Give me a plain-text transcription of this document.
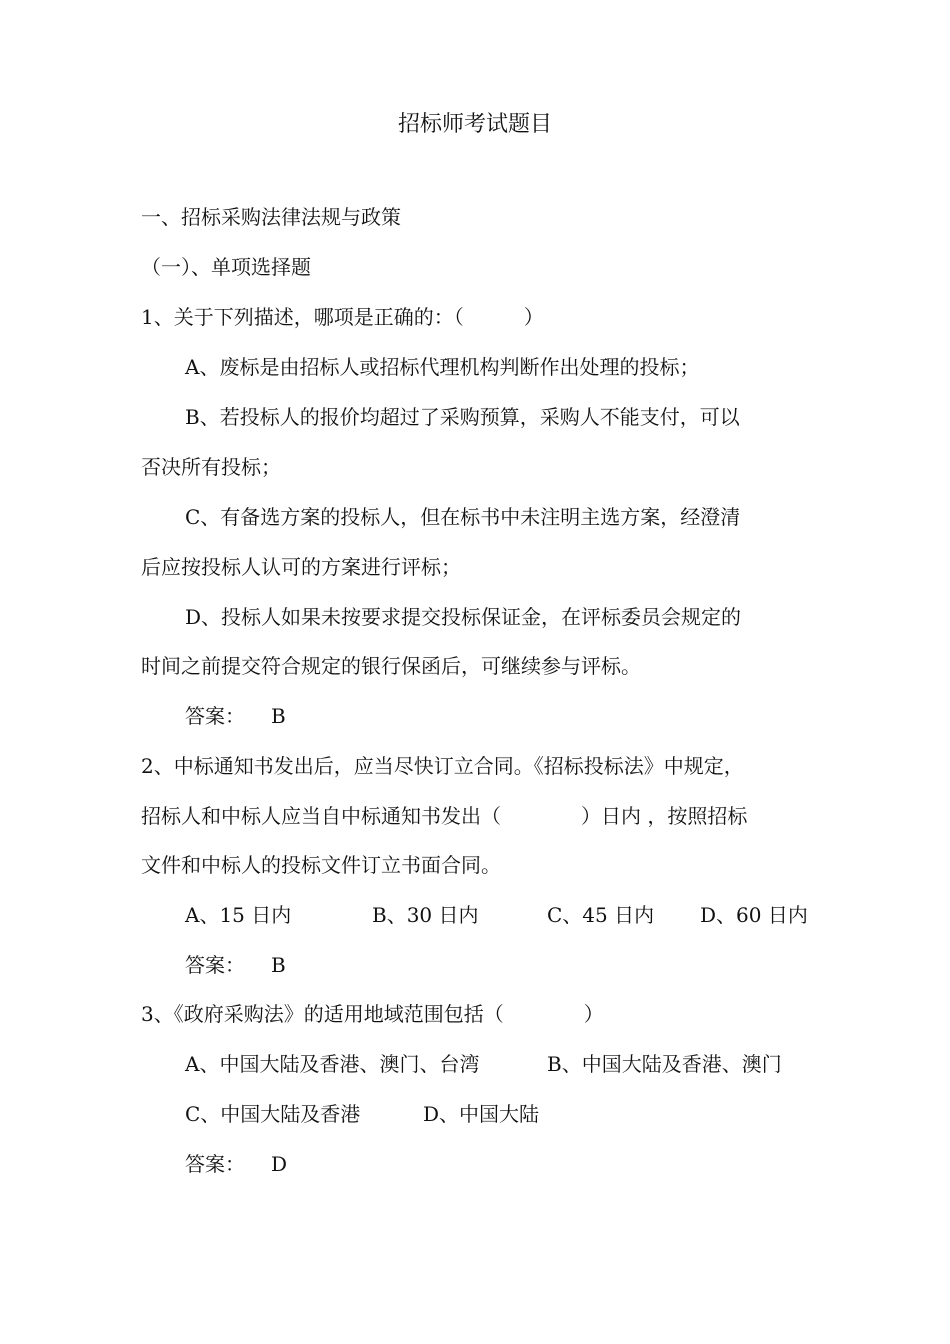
招标师考试题目
一、招标采购法律法规与政策
（一）、单项选择题
1、关于下列描述，哪项是正确的：（　　　）
A、废标是由招标人或招标代理机构判断作出处理的投标；
B、若投标人的报价均超过了采购预算，采购人不能支付，可以
否决所有投标；
C、有备选方案的投标人，但在标书中未注明主选方案，经澄清
后应按投标人认可的方案进行评标；
D、投标人如果未按要求提交投标保证金，在评标委员会规定的
时间之前提交符合规定的银行保函后，可继续参与评标。
答案： B
2、中标通知书发出后，应当尽快订立合同。《招标投标法》中规定，
招标人和中标人应当自中标通知书发出（　　　　）日内 ，按照招标
文件和中标人的投标文件订立书面合同。
A、15 日内	B、30 日内	C、45 日内 D、60 日内
答案： B
3、《政府采购法》的适用地域范围包括（　　　　）
A、中国大陆及香港、澳门、台湾	B、中国大陆及香港、澳门
C、中国大陆及香港	D、中国大陆
答案： D
